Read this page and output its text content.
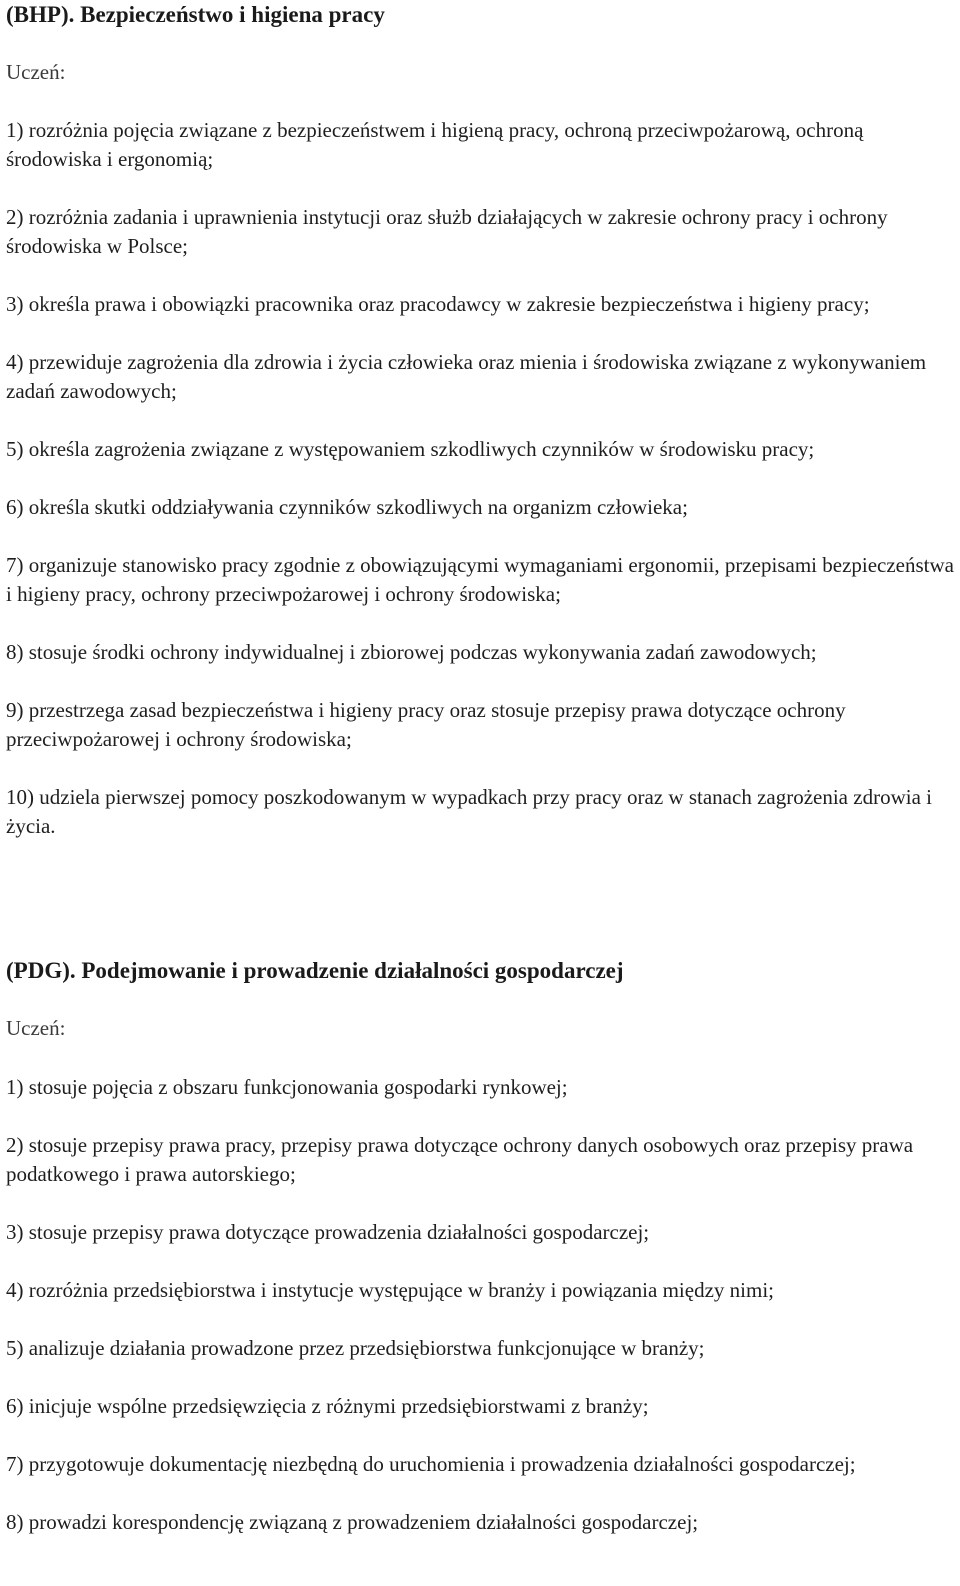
(BHP). Bezpieczeństwo i higiena pracy

Uczeń:

1) rozróżnia pojęcia związane z bezpieczeństwem i higieną pracy, ochroną przeciwpożarową, ochroną środowiska i ergonomią;

2) rozróżnia zadania i uprawnienia instytucji oraz służb działających w zakresie ochrony pracy i ochrony środowiska w Polsce;

3) określa prawa i obowiązki pracownika oraz pracodawcy w zakresie bezpieczeństwa i higieny pracy;

4) przewiduje zagrożenia dla zdrowia i życia człowieka oraz mienia i środowiska związane z wykonywaniem zadań zawodowych;

5) określa zagrożenia związane z występowaniem szkodliwych czynników w środowisku pracy;

6) określa skutki oddziaływania czynników szkodliwych na organizm człowieka;

7) organizuje stanowisko pracy zgodnie z obowiązującymi wymaganiami ergonomii, przepisami bezpieczeństwa i higieny pracy, ochrony przeciwpożarowej i ochrony środowiska;

8) stosuje środki ochrony indywidualnej i zbiorowej podczas wykonywania zadań zawodowych;

9) przestrzega zasad bezpieczeństwa i higieny pracy oraz stosuje przepisy prawa dotyczące ochrony przeciwpożarowej i ochrony środowiska;

10) udziela pierwszej pomocy poszkodowanym w wypadkach przy pracy oraz w stanach zagrożenia zdrowia i życia.

(PDG). Podejmowanie i prowadzenie działalności gospodarczej

Uczeń:

1) stosuje pojęcia z obszaru funkcjonowania gospodarki rynkowej;

2) stosuje przepisy prawa pracy, przepisy prawa dotyczące ochrony danych osobowych oraz przepisy prawa podatkowego i prawa autorskiego;

3) stosuje przepisy prawa dotyczące prowadzenia działalności gospodarczej;

4) rozróżnia przedsiębiorstwa i instytucje występujące w branży i powiązania między nimi;

5) analizuje działania prowadzone przez przedsiębiorstwa funkcjonujące w branży;

6) inicjuje wspólne przedsięwzięcia z różnymi przedsiębiorstwami z branży;

7) przygotowuje dokumentację niezbędną do uruchomienia i prowadzenia działalności gospodarczej;

8) prowadzi korespondencję związaną z prowadzeniem działalności gospodarczej;
